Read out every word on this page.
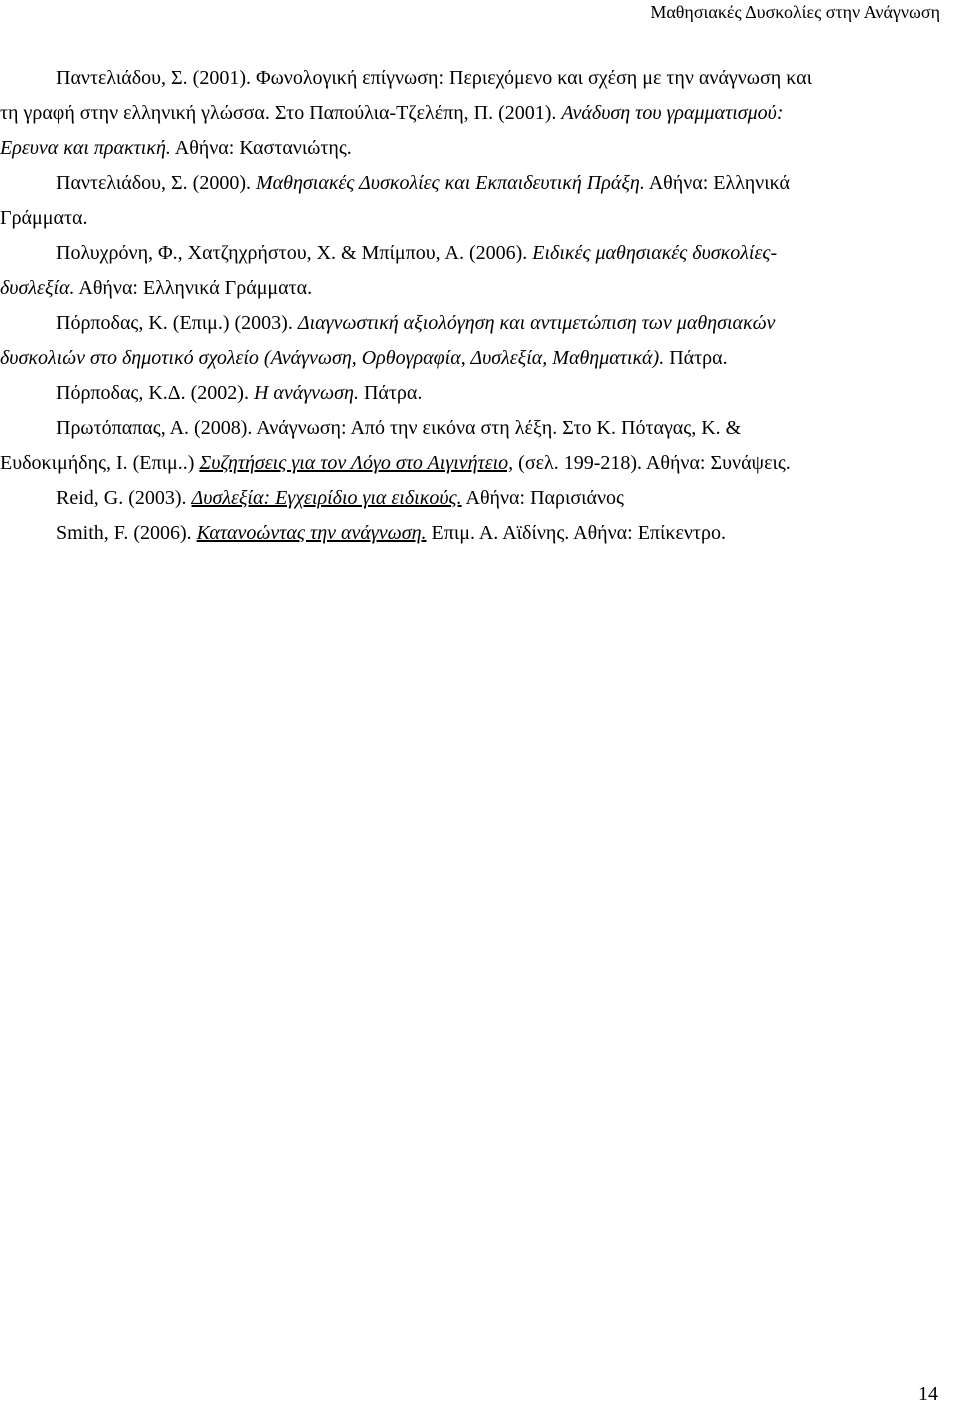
Μαθησιακές Δυσκολίες στην Ανάγνωση
Παντελιάδου, Σ. (2001). Φωνολογική επίγνωση: Περιεχόμενο και σχέση με την ανάγνωση και
τη γραφή στην ελληνική γλώσσα. Στο Παπούλια-Τζελέπη, Π. (2001). Ανάδυση του γραμματισμού:
Ερευνα και πρακτική. Αθήνα: Καστανιώτης.
Παντελιάδου, Σ. (2000). Μαθησιακές Δυσκολίες και Εκπαιδευτική Πράξη. Αθήνα: Ελληνικά
Γράμματα.
Πολυχρόνη, Φ., Χατζηχρήστου, Χ. & Μπίμπου, Α. (2006). Ειδικές μαθησιακές δυσκολίες-
δυσλεξία. Αθήνα: Ελληνικά Γράμματα.
Πόρποδας, Κ. (Επιμ.) (2003). Διαγνωστική αξιολόγηση και αντιμετώπιση των μαθησιακών
δυσκολιών στο δημοτικό σχολείο (Ανάγνωση, Ορθογραφία, Δυσλεξία, Μαθηματικά). Πάτρα.
Πόρποδας, Κ.Δ. (2002). Η ανάγνωση. Πάτρα.
Πρωτόπαπας, Α. (2008). Ανάγνωση: Από την εικόνα στη λέξη. Στο Κ. Πόταγας, Κ. &
Ευδοκιμήδης, Ι. (Επιμ..) Συζητήσεις για τον Λόγο στο Αιγινήτειο, (σελ. 199-218). Αθήνα: Συνάψεις.
Reid, G. (2003). Δυσλεξία: Εγχειρίδιο για ειδικούς. Αθήνα: Παρισιάνος
Smith, F. (2006). Κατανοώντας την ανάγνωση. Επιμ. Α. Αϊδίνης. Αθήνα: Επίκεντρο.
14
